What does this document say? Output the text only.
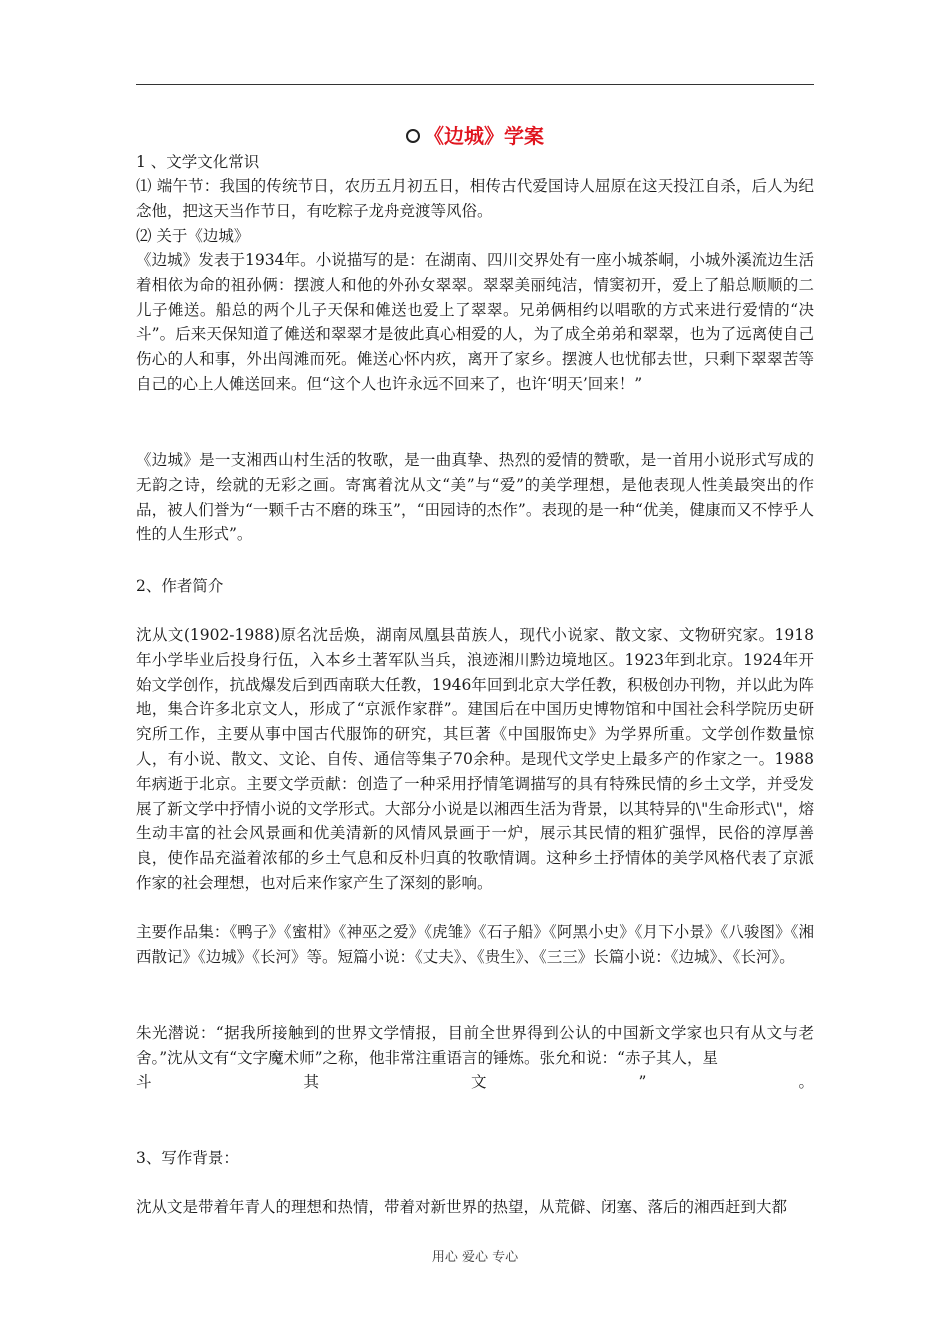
《边城》学案

1 、文学文化常识

⑴ 端午节：我国的传统节日，农历五月初五日，相传古代爱国诗人屈原在这天投江自杀，后人为纪念他，把这天当作节日，有吃粽子龙舟竞渡等风俗。

⑵ 关于《边城》

《边城》发表于1934年。小说描写的是：在湖南、四川交界处有一座小城茶峒，小城外溪流边生活着相依为命的祖孙俩：摆渡人和他的外孙女翠翠。翠翠美丽纯洁，情窦初开，爱上了船总顺顺的二儿子傩送。船总的两个儿子天保和傩送也爱上了翠翠。兄弟俩相约以唱歌的方式来进行爱情的“决斗”。后来天保知道了傩送和翠翠才是彼此真心相爱的人，为了成全弟弟和翠翠，也为了远离使自己伤心的人和事，外出闯滩而死。傩送心怀内疚，离开了家乡。摆渡人也忧郁去世，只剩下翠翠苦等自己的心上人傩送回来。但“这个人也许永远不回来了，也许‘明天’回来！”

《边城》是一支湘西山村生活的牧歌，是一曲真挚、热烈的爱情的赞歌，是一首用小说形式写成的无韵之诗，绘就的无彩之画。寄寓着沈从文“美”与“爱”的美学理想，是他表现人性美最突出的作品，被人们誉为“一颗千古不磨的珠玉”，“田园诗的杰作”。表现的是一种“优美，健康而又不悖乎人性的人生形式”。

2、作者简介

沈从文(1902-1988)原名沈岳焕，湖南凤凰县苗族人，现代小说家、散文家、文物研究家。1918年小学毕业后投身行伍，入本乡土著军队当兵，浪迹湘川黔边境地区。1923年到北京。1924年开始文学创作，抗战爆发后到西南联大任教，1946年回到北京大学任教，积极创办刊物，并以此为阵地，集合许多北京文人，形成了“京派作家群”。建国后在中国历史博物馆和中国社会科学院历史研究所工作，主要从事中国古代服饰的研究，其巨著《中国服饰史》为学界所重。文学创作数量惊人，有小说、散文、文论、自传、通信等集子70余种。是现代文学史上最多产的作家之一。1988年病逝于北京。主要文学贡献：创造了一种采用抒情笔调描写的具有特殊民情的乡土文学，并受发展了新文学中抒情小说的文学形式。大部分小说是以湘西生活为背景，以其特异的\"生命形式\"，熔生动丰富的社会风景画和优美清新的风情风景画于一炉，展示其民情的粗犷强悍，民俗的淳厚善良，使作品充溢着浓郁的乡土气息和反朴归真的牧歌情调。这种乡土抒情体的美学风格代表了京派作家的社会理想，也对后来作家产生了深刻的影响。

主要作品集：《鸭子》《蜜柑》《神巫之爱》《虎雏》《石子船》《阿黑小史》《月下小景》《八骏图》《湘西散记》《边城》《长河》等。短篇小说：《丈夫》、《贵生》、《三三》长篇小说：《边城》、《长河》。

朱光潜说：“据我所接触到的世界文学情报，目前全世界得到公认的中国新文学家也只有从文与老舍。”沈从文有“文字魔术师”之称，他非常注重语言的锤炼。张允和说：“赤子其人，星

斗其文”。

3、写作背景：

沈从文是带着年青人的理想和热情，带着对新世界的热望，从荒僻、闭塞、落后的湘西赶到大都

用心 爱心 专心
